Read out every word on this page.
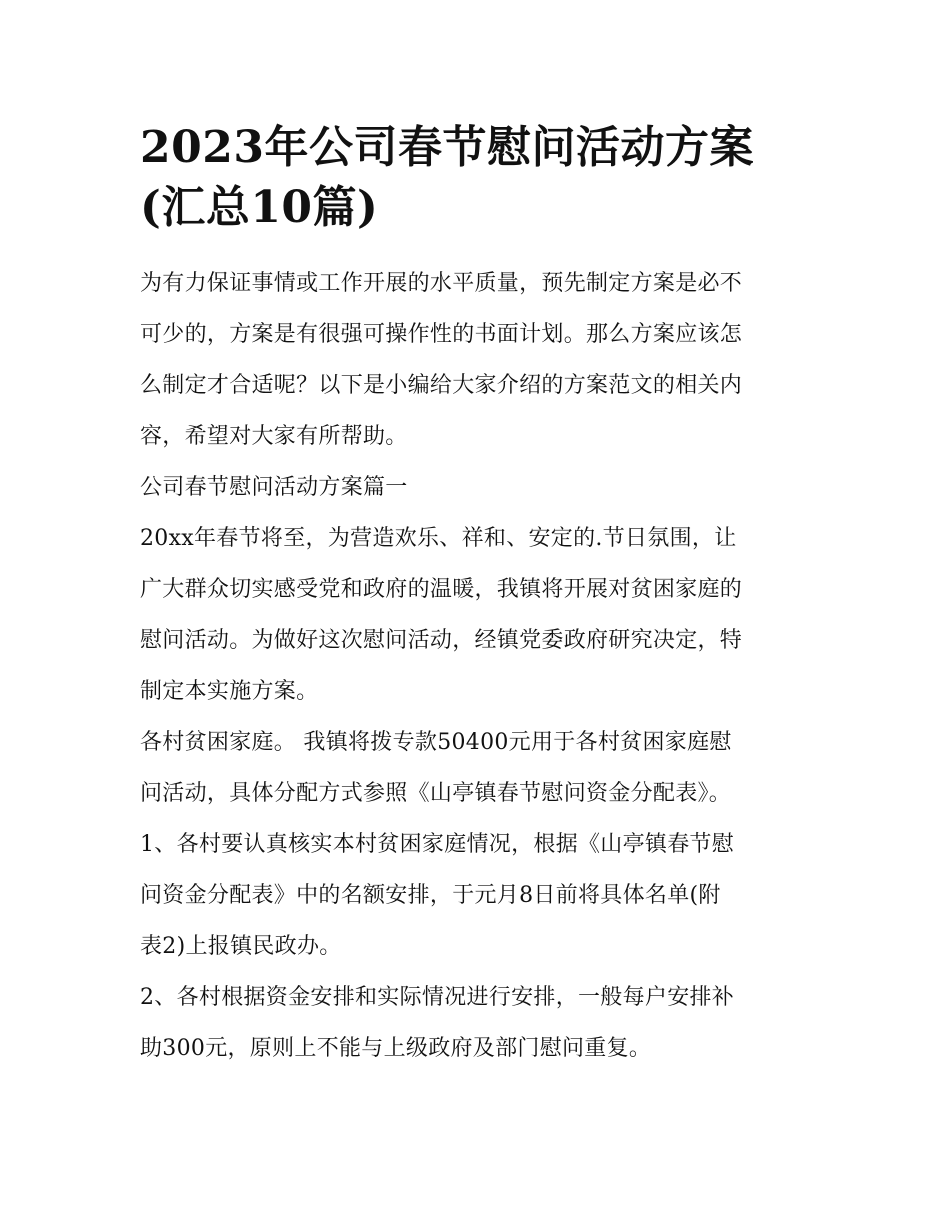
2023年公司春节慰问活动方案
(汇总10篇)

为有力保证事情或工作开展的水平质量，预先制定方案是必不
可少的，方案是有很强可操作性的书面计划。那么方案应该怎
么制定才合适呢？以下是小编给大家介绍的方案范文的相关内
容，希望对大家有所帮助。

公司春节慰问活动方案篇一

20xx年春节将至，为营造欢乐、祥和、安定的.节日氛围，让
广大群众切实感受党和政府的温暖，我镇将开展对贫困家庭的
慰问活动。为做好这次慰问活动，经镇党委政府研究决定，特
制定本实施方案。

各村贫困家庭。 我镇将拨专款50400元用于各村贫困家庭慰
问活动，具体分配方式参照《山亭镇春节慰问资金分配表》。

1、各村要认真核实本村贫困家庭情况，根据《山亭镇春节慰
问资金分配表》中的名额安排，于元月8日前将具体名单(附
表2)上报镇民政办。

2、各村根据资金安排和实际情况进行安排，一般每户安排补
助300元，原则上不能与上级政府及部门慰问重复。
